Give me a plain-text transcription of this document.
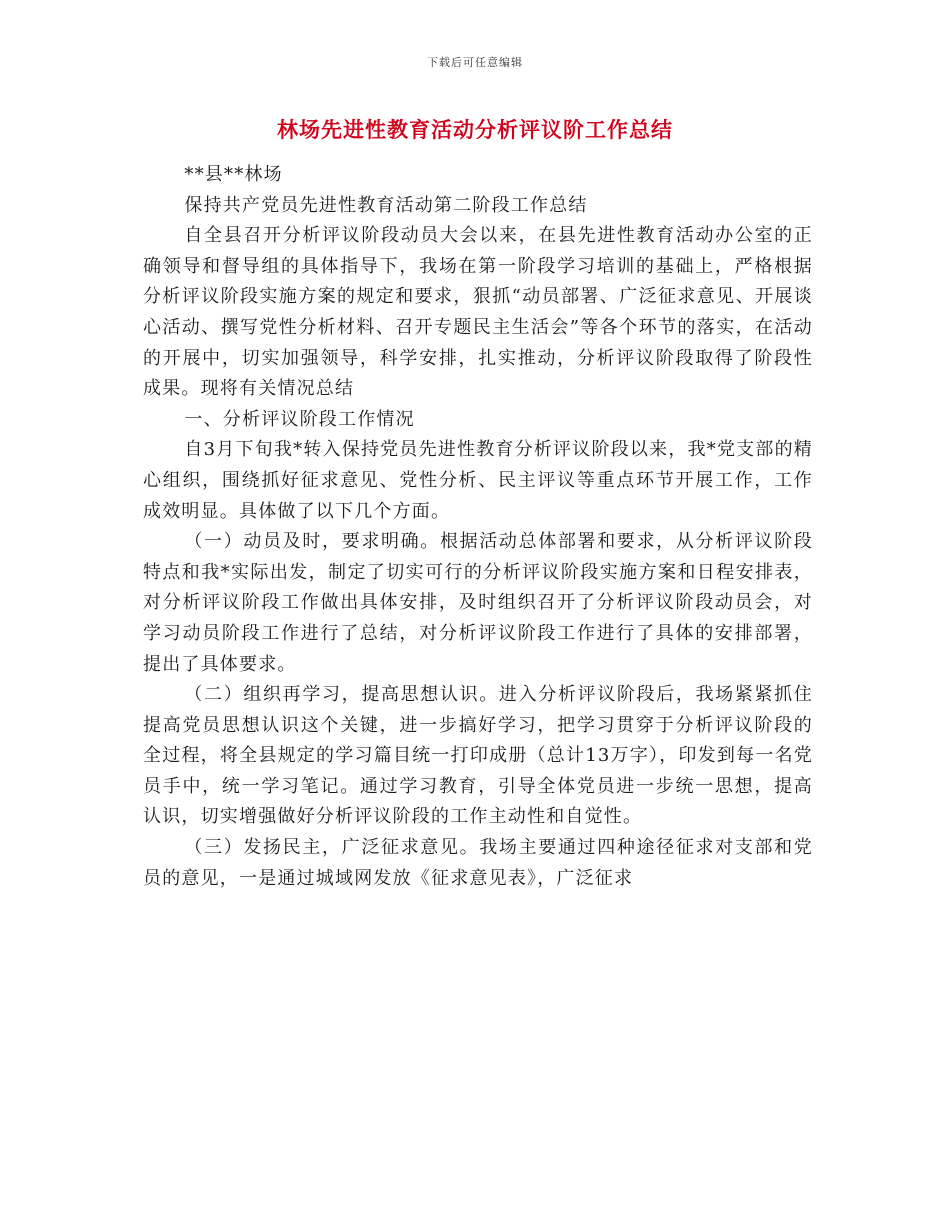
下载后可任意编辑
林场先进性教育活动分析评议阶工作总结

**县**林场

保持共产党员先进性教育活动第二阶段工作总结

自全县召开分析评议阶段动员大会以来，在县先进性教育活动办公室的正确领导和督导组的具体指导下，我场在第一阶段学习培训的基础上，严格根据分析评议阶段实施方案的规定和要求，狠抓“动员部署、广泛征求意见、开展谈心活动、撰写党性分析材料、召开专题民主生活会”等各个环节的落实，在活动的开展中，切实加强领导，科学安排，扎实推动，分析评议阶段取得了阶段性成果。现将有关情况总结

一、分析评议阶段工作情况

自3月下旬我*转入保持党员先进性教育分析评议阶段以来，我*党支部的精心组织，围绕抓好征求意见、党性分析、民主评议等重点环节开展工作，工作成效明显。具体做了以下几个方面。

（一）动员及时，要求明确。根据活动总体部署和要求，从分析评议阶段特点和我*实际出发，制定了切实可行的分析评议阶段实施方案和日程安排表，对分析评议阶段工作做出具体安排，及时组织召开了分析评议阶段动员会，对学习动员阶段工作进行了总结，对分析评议阶段工作进行了具体的安排部署，提出了具体要求。

（二）组织再学习，提高思想认识。进入分析评议阶段后，我场紧紧抓住提高党员思想认识这个关键，进一步搞好学习，把学习贯穿于分析评议阶段的全过程，将全县规定的学习篇目统一打印成册（总计13万字），印发到每一名党员手中，统一学习笔记。通过学习教育，引导全体党员进一步统一思想，提高认识，切实增强做好分析评议阶段的工作主动性和自觉性。

（三）发扬民主，广泛征求意见。我场主要通过四种途径征求对支部和党员的意见，一是通过城域网发放《征求意见表》，广泛征求
